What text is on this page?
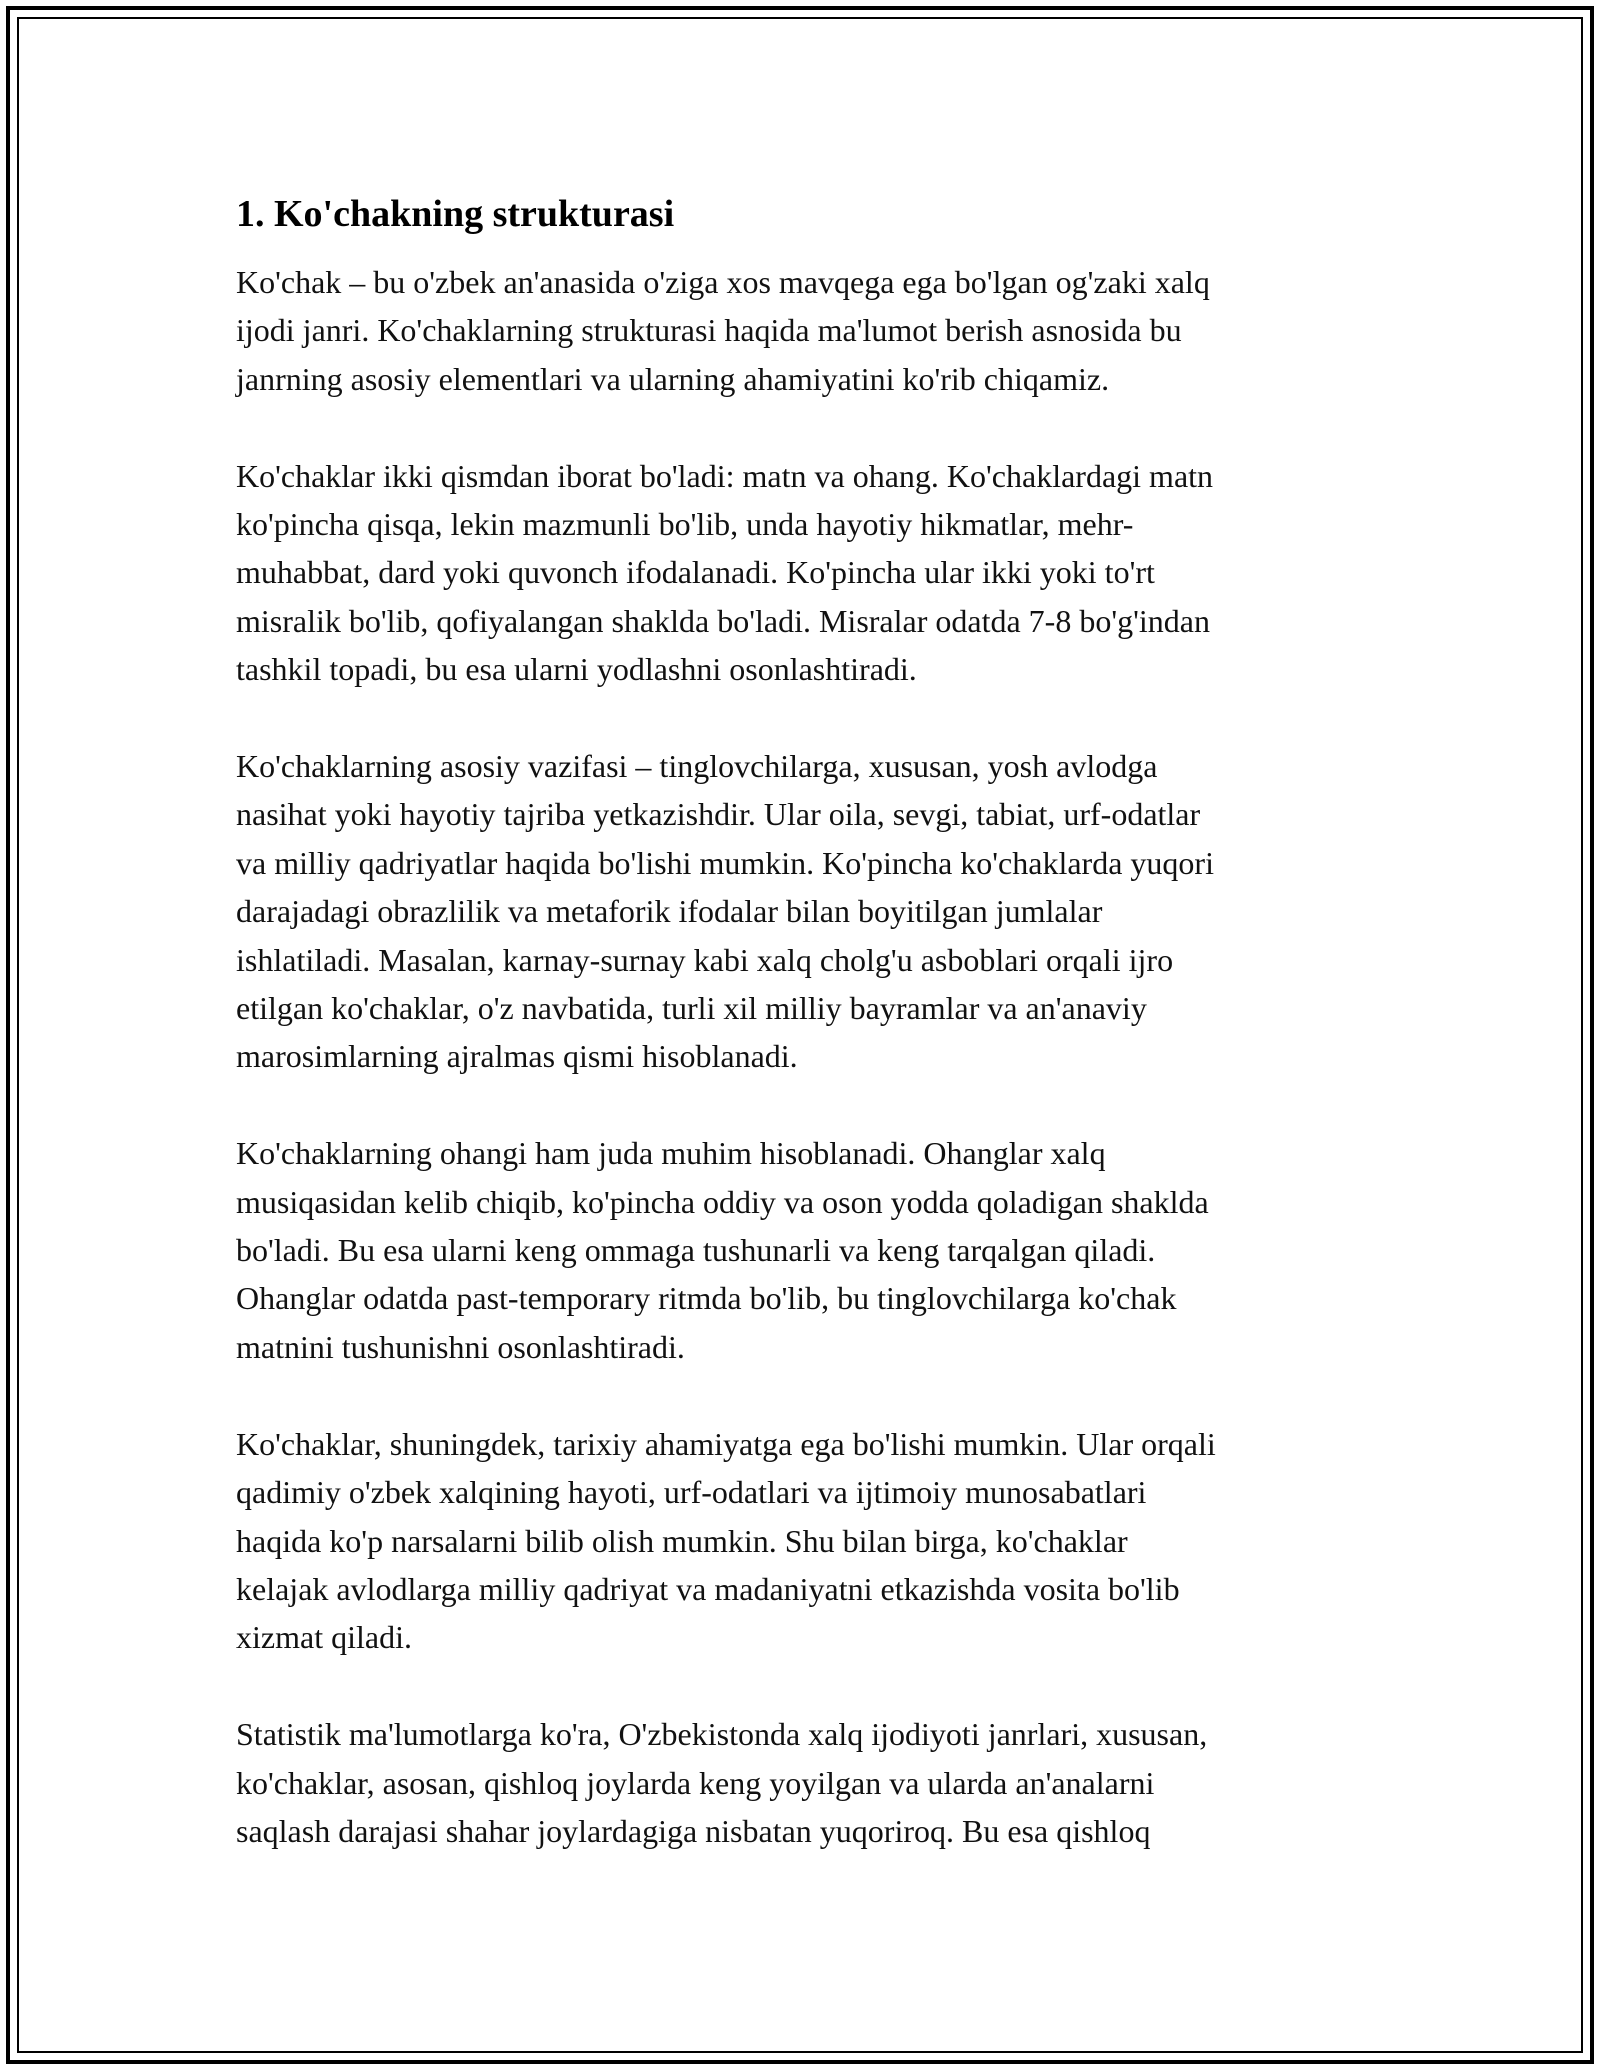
1. Ko'chakning strukturasi

Ko'chak – bu o'zbek an'anasida o'ziga xos mavqega ega bo'lgan og'zaki xalq
ijodi janri. Ko'chaklarning strukturasi haqida ma'lumot berish asnosida bu
janrning asosiy elementlari va ularning ahamiyatini ko'rib chiqamiz.

Ko'chaklar ikki qismdan iborat bo'ladi: matn va ohang. Ko'chaklardagi matn
ko'pincha qisqa, lekin mazmunli bo'lib, unda hayotiy hikmatlar, mehr-
muhabbat, dard yoki quvonch ifodalanadi. Ko'pincha ular ikki yoki to'rt
misralik bo'lib, qofiyalangan shaklda bo'ladi. Misralar odatda 7-8 bo'g'indan
tashkil topadi, bu esa ularni yodlashni osonlashtiradi.

Ko'chaklarning asosiy vazifasi – tinglovchilarga, xususan, yosh avlodga
nasihat yoki hayotiy tajriba yetkazishdir. Ular oila, sevgi, tabiat, urf-odatlar
va milliy qadriyatlar haqida bo'lishi mumkin. Ko'pincha ko'chaklarda yuqori
darajadagi obrazlilik va metaforik ifodalar bilan boyitilgan jumlalar
ishlatiladi. Masalan, karnay-surnay kabi xalq cholg'u asboblari orqali ijro
etilgan ko'chaklar, o'z navbatida, turli xil milliy bayramlar va an'anaviy
marosimlarning ajralmas qismi hisoblanadi.

Ko'chaklarning ohangi ham juda muhim hisoblanadi. Ohanglar xalq
musiqasidan kelib chiqib, ko'pincha oddiy va oson yodda qoladigan shaklda
bo'ladi. Bu esa ularni keng ommaga tushunarli va keng tarqalgan qiladi.
Ohanglar odatda past-temporary ritmda bo'lib, bu tinglovchilarga ko'chak
matnini tushunishni osonlashtiradi.

Ko'chaklar, shuningdek, tarixiy ahamiyatga ega bo'lishi mumkin. Ular orqali
qadimiy o'zbek xalqining hayoti, urf-odatlari va ijtimoiy munosabatlari
haqida ko'p narsalarni bilib olish mumkin. Shu bilan birga, ko'chaklar
kelajak avlodlarga milliy qadriyat va madaniyatni etkazishda vosita bo'lib
xizmat qiladi.

Statistik ma'lumotlarga ko'ra, O'zbekistonda xalq ijodiyoti janrlari, xususan,
ko'chaklar, asosan, qishloq joylarda keng yoyilgan va ularda an'analarni
saqlash darajasi shahar joylardagiga nisbatan yuqoriroq. Bu esa qishloq
